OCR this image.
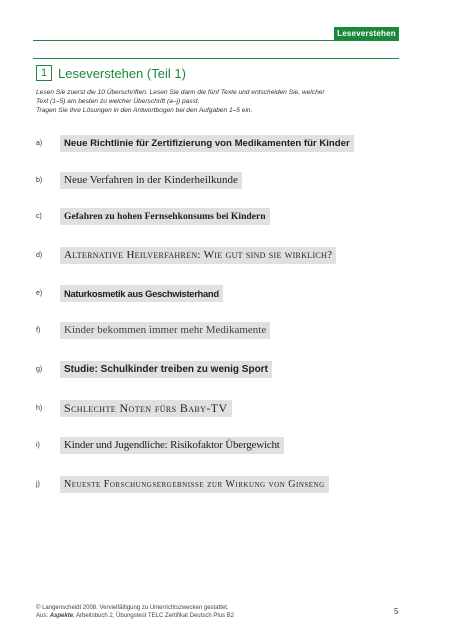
Leseverstehen
1 Leseverstehen (Teil 1)

Lesen Sie zuerst die 10 Überschriften. Lesen Sie dann die fünf Texte und entscheiden Sie, welcher

Text (1–5) am besten zu welcher Überschrift (a–j) passt.

Tragen Sie Ihre Lösungen in den Antwortbogen bei den Aufgaben 1–5 ein.

a)	Neue Richtlinie für Zertifizierung von Medikamenten für Kinder
b)	Neue Verfahren in der Kinderheilkunde
c)	Gefahren zu hohen Fernsehkonsums bei Kindern
d)	Alternative Heilverfahren: Wie gut sind sie wirklich?
e)	Naturkosmetik aus Geschwisterhand
f)	Kinder bekommen immer mehr Medikamente
g)	Studie: Schulkinder treiben zu wenig Sport
h)	Schlechte Noten fürs Baby-TV
i)	Kinder und Jugendliche: Risikofaktor Übergewicht
j)	Neueste Forschungsergebnisse zur Wirkung von Ginseng

© Langenscheidt 2008. Vervielfältigung zu Unterrichtszwecken gestattet.

Aus: Aspekte, Arbeitsbuch 2, Übungstest TELC Zertifikat Deutsch Plus B2	5
